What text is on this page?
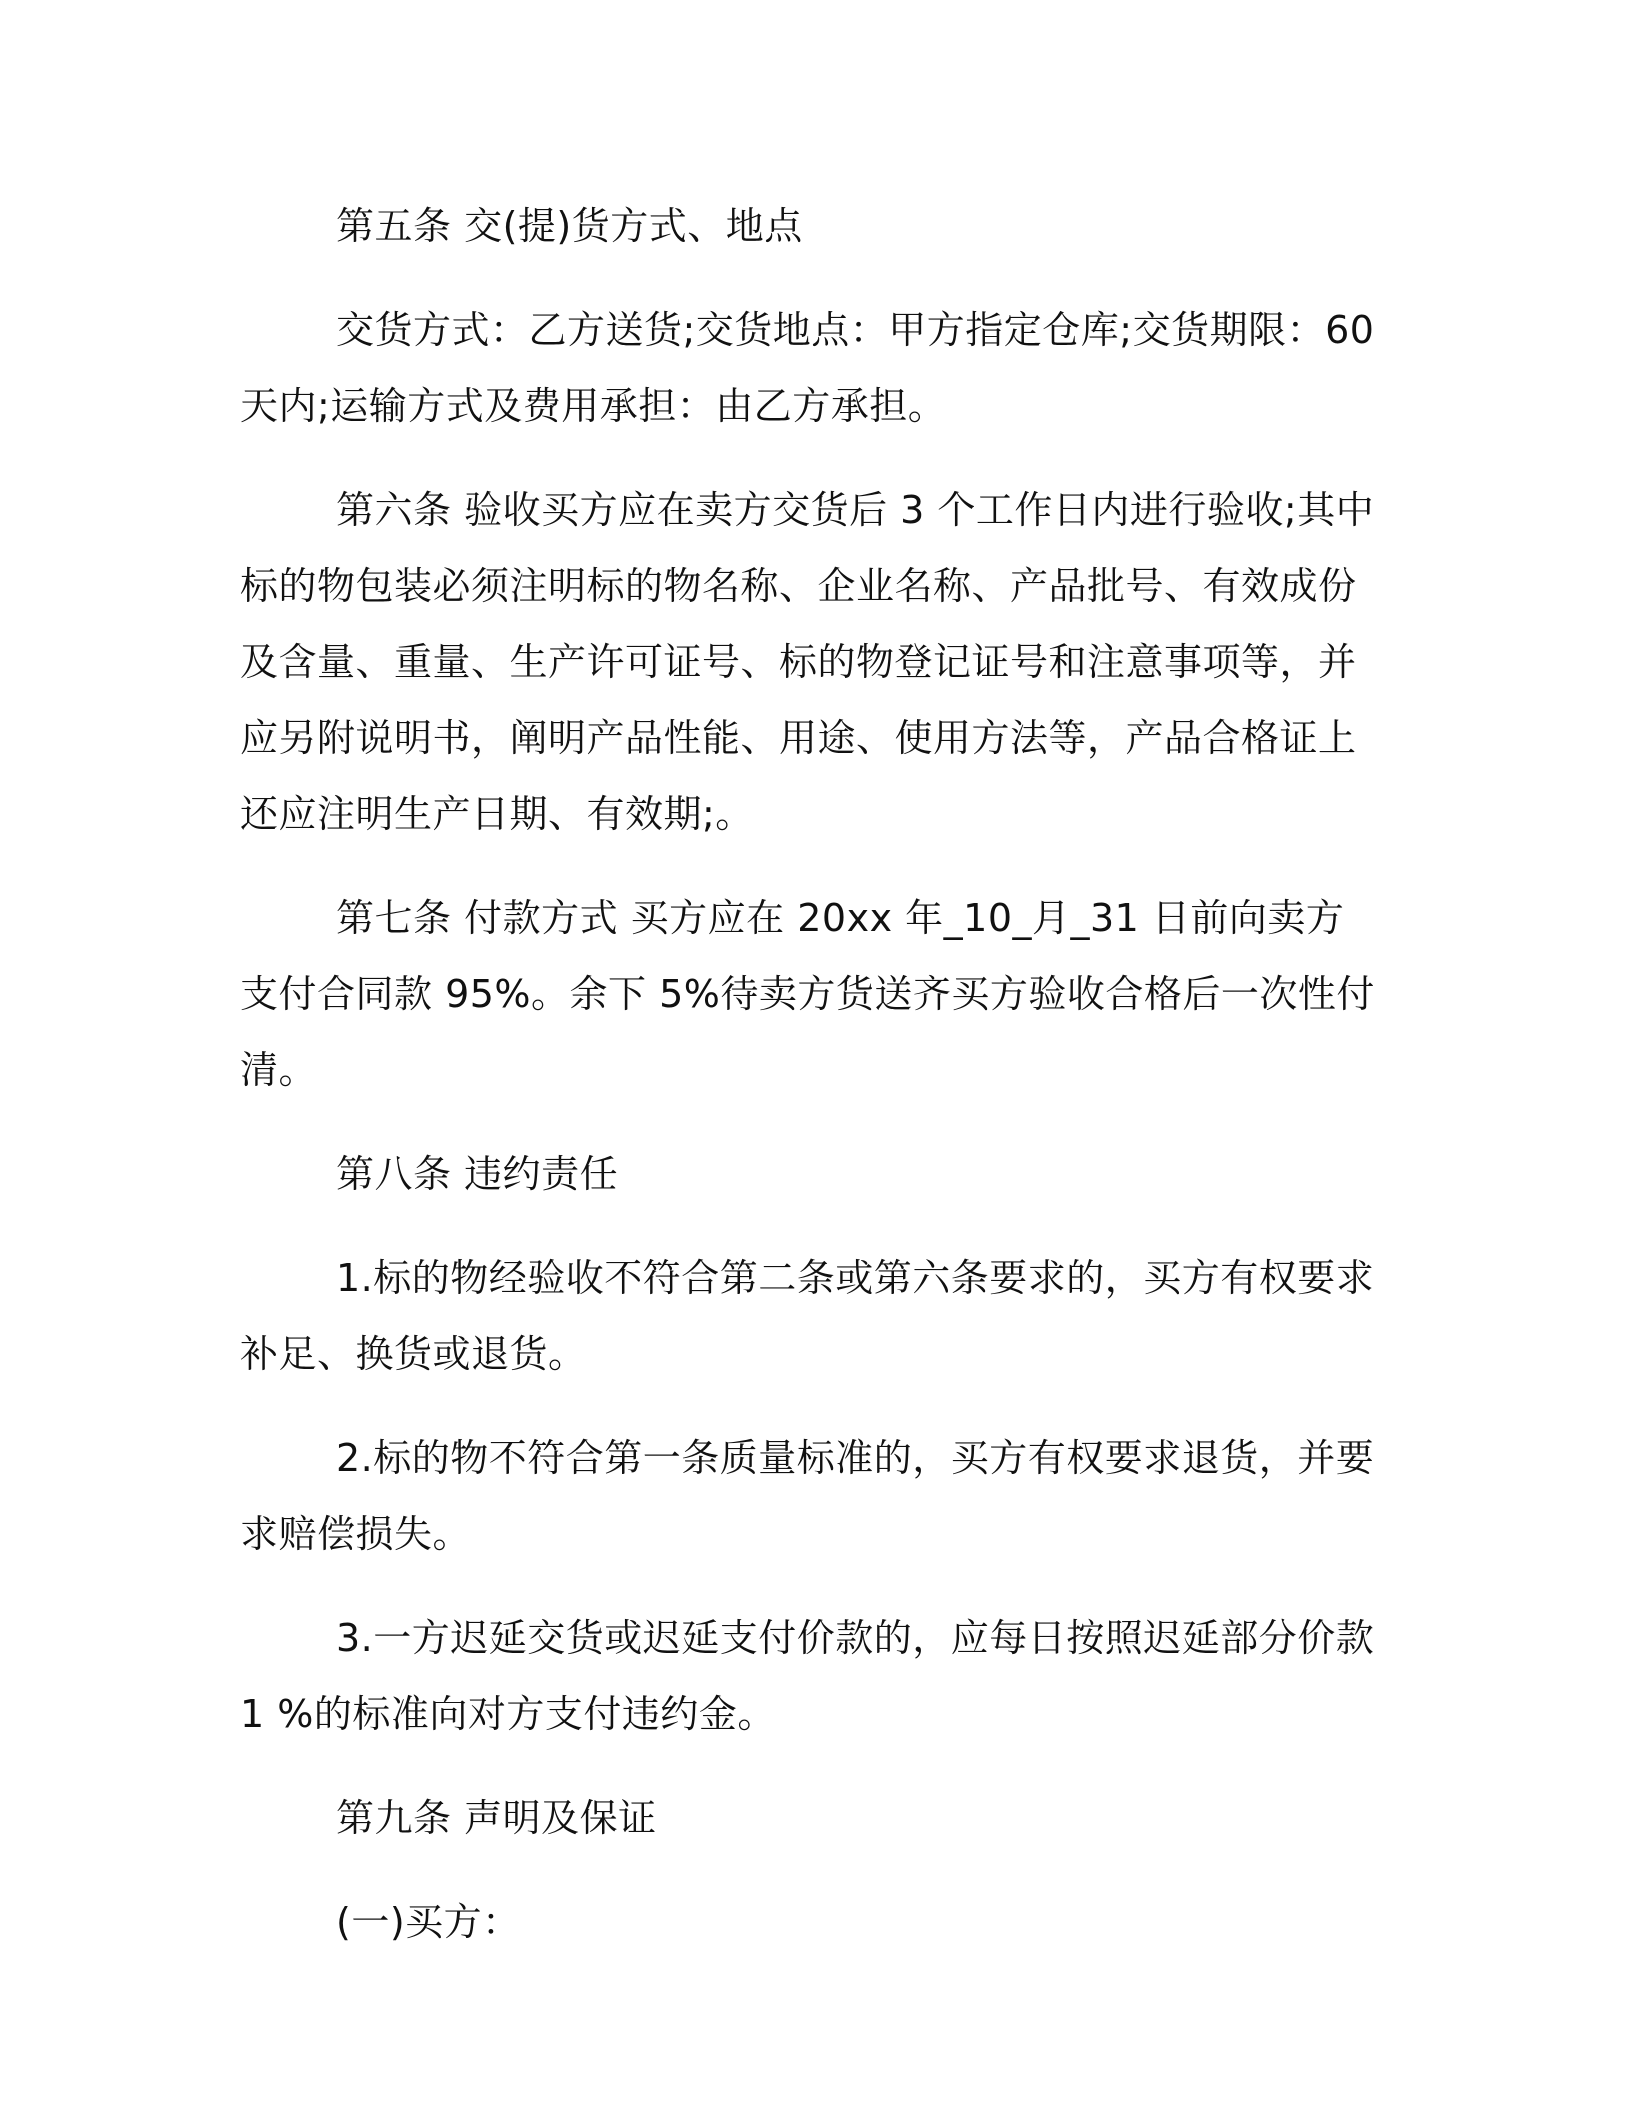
第五条 交(提)货方式、地点

交货方式：乙方送货;交货地点：甲方指定仓库;交货期限：60 天内;运输方式及费用承担：由乙方承担。

第六条 验收买方应在卖方交货后 3 个工作日内进行验收;其中标的物包装必须注明标的物名称、企业名称、产品批号、有效成份及含量、重量、生产许可证号、标的物登记证号和注意事项等，并应另附说明书，阐明产品性能、用途、使用方法等，产品合格证上还应注明生产日期、有效期;。

第七条 付款方式 买方应在 20xx 年_10_月_31 日前向卖方支付合同款 95%。余下 5%待卖方货送齐买方验收合格后一次性付清。

第八条 违约责任

1.标的物经验收不符合第二条或第六条要求的，买方有权要求补足、换货或退货。

2.标的物不符合第一条质量标准的，买方有权要求退货，并要求赔偿损失。

3.一方迟延交货或迟延支付价款的，应每日按照迟延部分价款 1 %的标准向对方支付违约金。

第九条 声明及保证

(一)买方：
